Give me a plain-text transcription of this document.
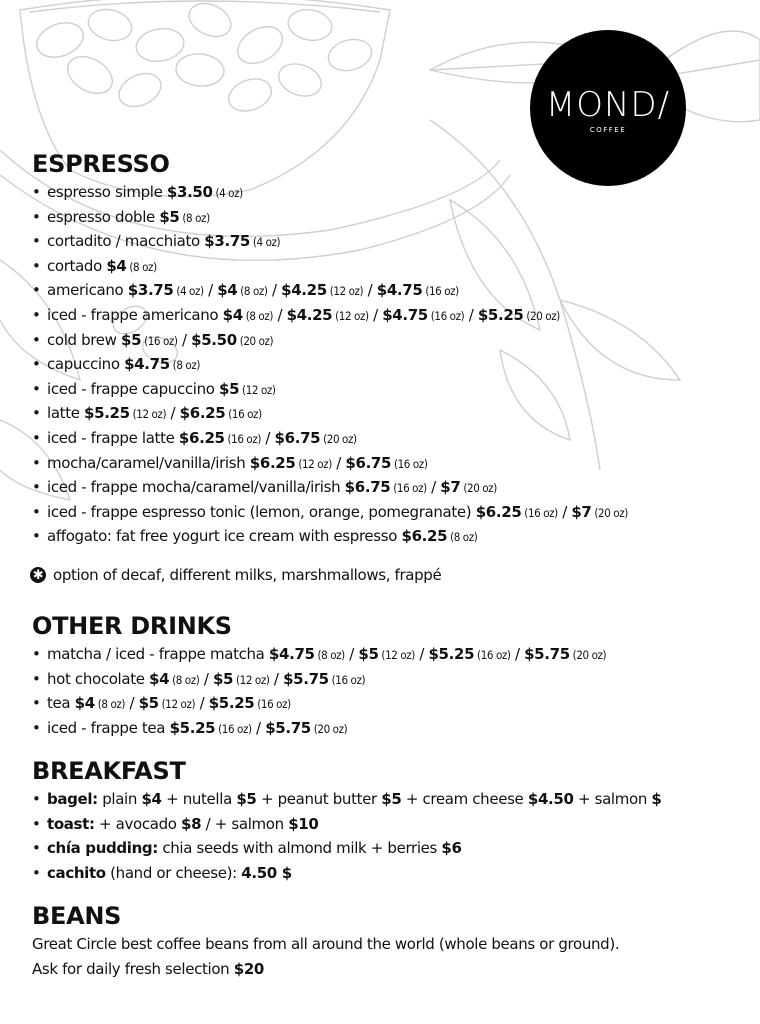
MOND/
COFFEE
ESPRESSO
• espresso simple $3.50 (4 oz)
• espresso doble $5 (8 oz)
• cortadito / macchiato $3.75 (4 oz)
• cortado $4 (8 oz)
• americano $3.75 (4 oz) / $4 (8 oz) / $4.25 (12 oz) / $4.75 (16 oz)
• iced - frappe americano $4 (8 oz) / $4.25 (12 oz) / $4.75 (16 oz) / $5.25 (20 oz)
• cold brew $5 (16 oz) / $5.50 (20 oz)
• capuccino $4.75 (8 oz)
• iced - frappe capuccino $5 (12 oz)
• latte $5.25 (12 oz) / $6.25 (16 oz)
• iced - frappe latte $6.25 (16 oz) / $6.75 (20 oz)
• mocha/caramel/vanilla/irish $6.25 (12 oz) / $6.75 (16 oz)
• iced - frappe mocha/caramel/vanilla/irish $6.75 (16 oz) / $7 (20 oz)
• iced - frappe espresso tonic (lemon, orange, pomegranate) $6.25 (16 oz) / $7 (20 oz)
• affogato: fat free yogurt ice cream with espresso $6.25 (8 oz)
✱ option of decaf, different milks, marshmallows, frappé
OTHER DRINKS
• matcha / iced - frappe matcha $4.75 (8 oz) / $5 (12 oz) / $5.25 (16 oz) / $5.75 (20 oz)
• hot chocolate $4 (8 oz) / $5 (12 oz) / $5.75 (16 oz)
• tea $4 (8 oz) / $5 (12 oz) / $5.25 (16 oz)
• iced - frappe tea $5.25 (16 oz) / $5.75 (20 oz)
BREAKFAST
• bagel: plain $4 + nutella $5 + peanut butter $5 + cream cheese $4.50 + salmon $
• toast: + avocado $8 / + salmon $10
• chía pudding: chia seeds with almond milk + berries $6
• cachito (hand or cheese): 4.50 $
BEANS
Great Circle best coffee beans from all around the world (whole beans or ground).
Ask for daily fresh selection $20
